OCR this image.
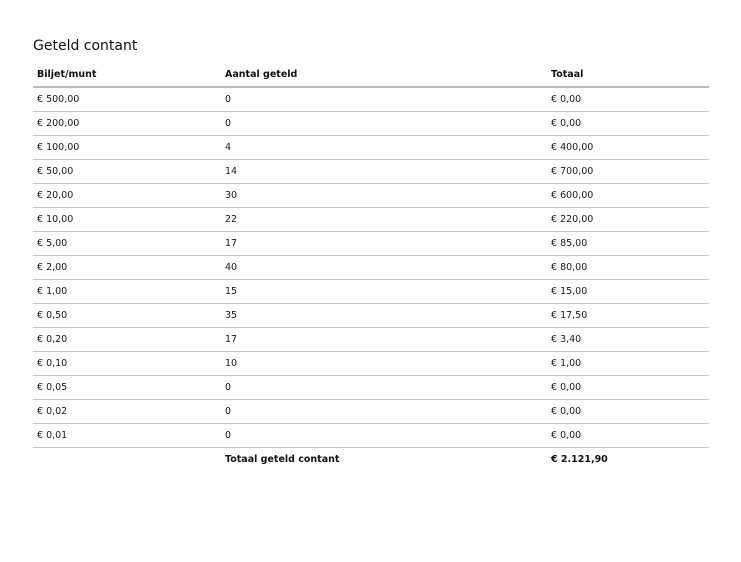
Geteld contant
Biljet/munt	Aantal geteld	Totaal
€ 500,00	0	€ 0,00
€ 200,00	0	€ 0,00
€ 100,00	4	€ 400,00
€ 50,00	14	€ 700,00
€ 20,00	30	€ 600,00
€ 10,00	22	€ 220,00
€ 5,00	17	€ 85,00
€ 2,00	40	€ 80,00
€ 1,00	15	€ 15,00
€ 0,50	35	€ 17,50
€ 0,20	17	€ 3,40
€ 0,10	10	€ 1,00
€ 0,05	0	€ 0,00
€ 0,02	0	€ 0,00
€ 0,01	0	€ 0,00
	Totaal geteld contant	€ 2.121,90
